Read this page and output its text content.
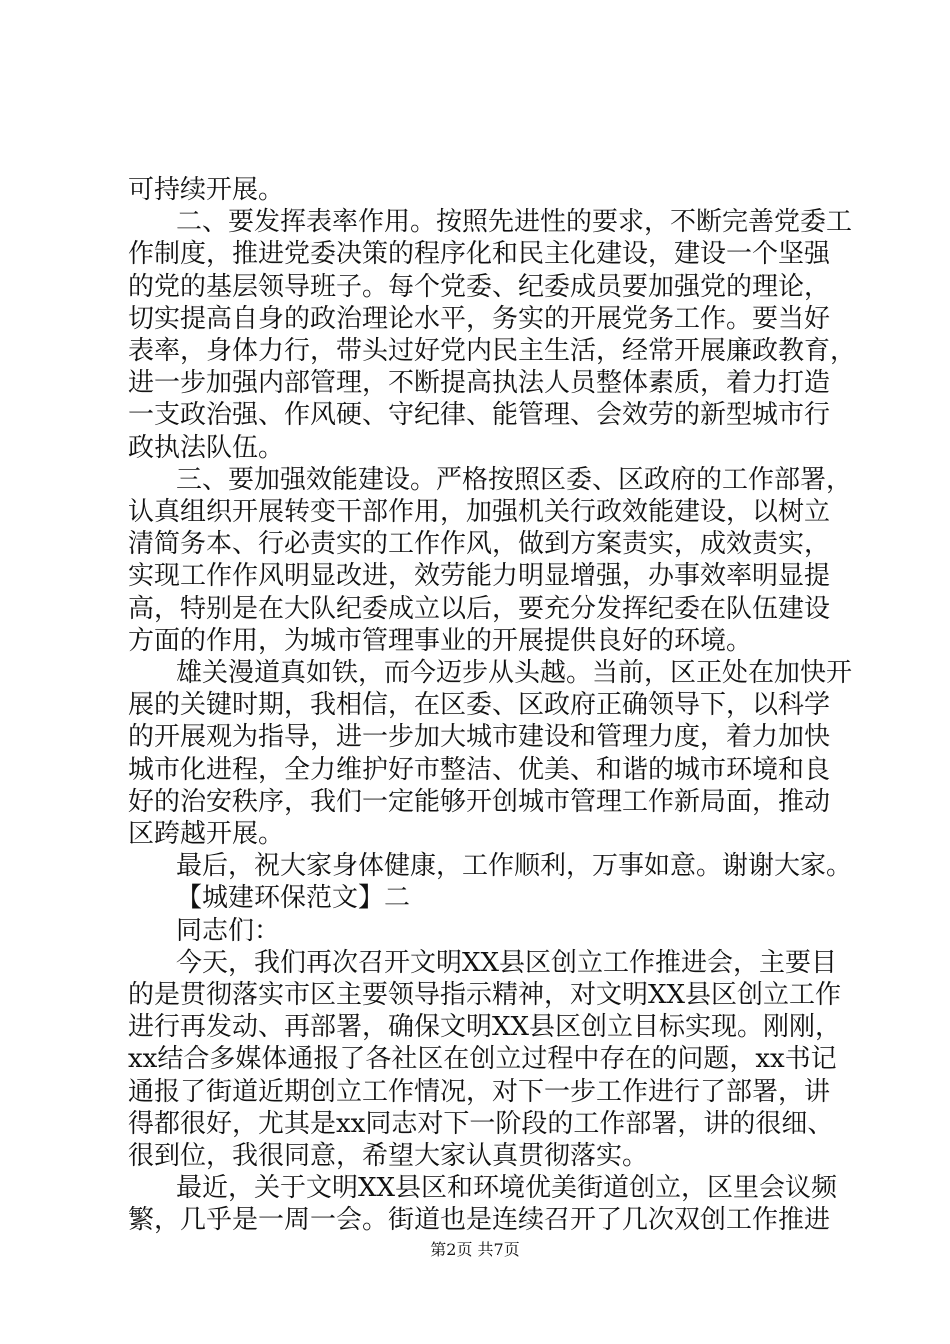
可持续开展。
二、要发挥表率作用。按照先进性的要求，不断完善党委工
作制度，推进党委决策的程序化和民主化建设，建设一个坚强
的党的基层领导班子。每个党委、纪委成员要加强党的理论，
切实提高自身的政治理论水平，务实的开展党务工作。要当好
表率，身体力行，带头过好党内民主生活，经常开展廉政教育，
进一步加强内部管理，不断提高执法人员整体素质，着力打造
一支政治强、作风硬、守纪律、能管理、会效劳的新型城市行
政执法队伍。
三、要加强效能建设。严格按照区委、区政府的工作部署，
认真组织开展转变干部作用，加强机关行政效能建设，以树立
清简务本、行必责实的工作作风，做到方案责实，成效责实，
实现工作作风明显改进，效劳能力明显增强，办事效率明显提
高，特别是在大队纪委成立以后，要充分发挥纪委在队伍建设
方面的作用，为城市管理事业的开展提供良好的环境。
雄关漫道真如铁，而今迈步从头越。当前，区正处在加快开
展的关键时期，我相信，在区委、区政府正确领导下，以科学
的开展观为指导，进一步加大城市建设和管理力度，着力加快
城市化进程，全力维护好市整洁、优美、和谐的城市环境和良
好的治安秩序，我们一定能够开创城市管理工作新局面，推动
区跨越开展。
最后，祝大家身体健康，工作顺利，万事如意。谢谢大家。
【城建环保范文】二
同志们：
今天，我们再次召开文明XX县区创立工作推进会，主要目
的是贯彻落实市区主要领导指示精神，对文明XX县区创立工作
进行再发动、再部署，确保文明XX县区创立目标实现。刚刚，
xx结合多媒体通报了各社区在创立过程中存在的问题，xx书记
通报了街道近期创立工作情况，对下一步工作进行了部署，讲
得都很好，尤其是xx同志对下一阶段的工作部署，讲的很细、
很到位，我很同意，希望大家认真贯彻落实。
最近，关于文明XX县区和环境优美街道创立，区里会议频
繁，几乎是一周一会。街道也是连续召开了几次双创工作推进
第2页 共7页
